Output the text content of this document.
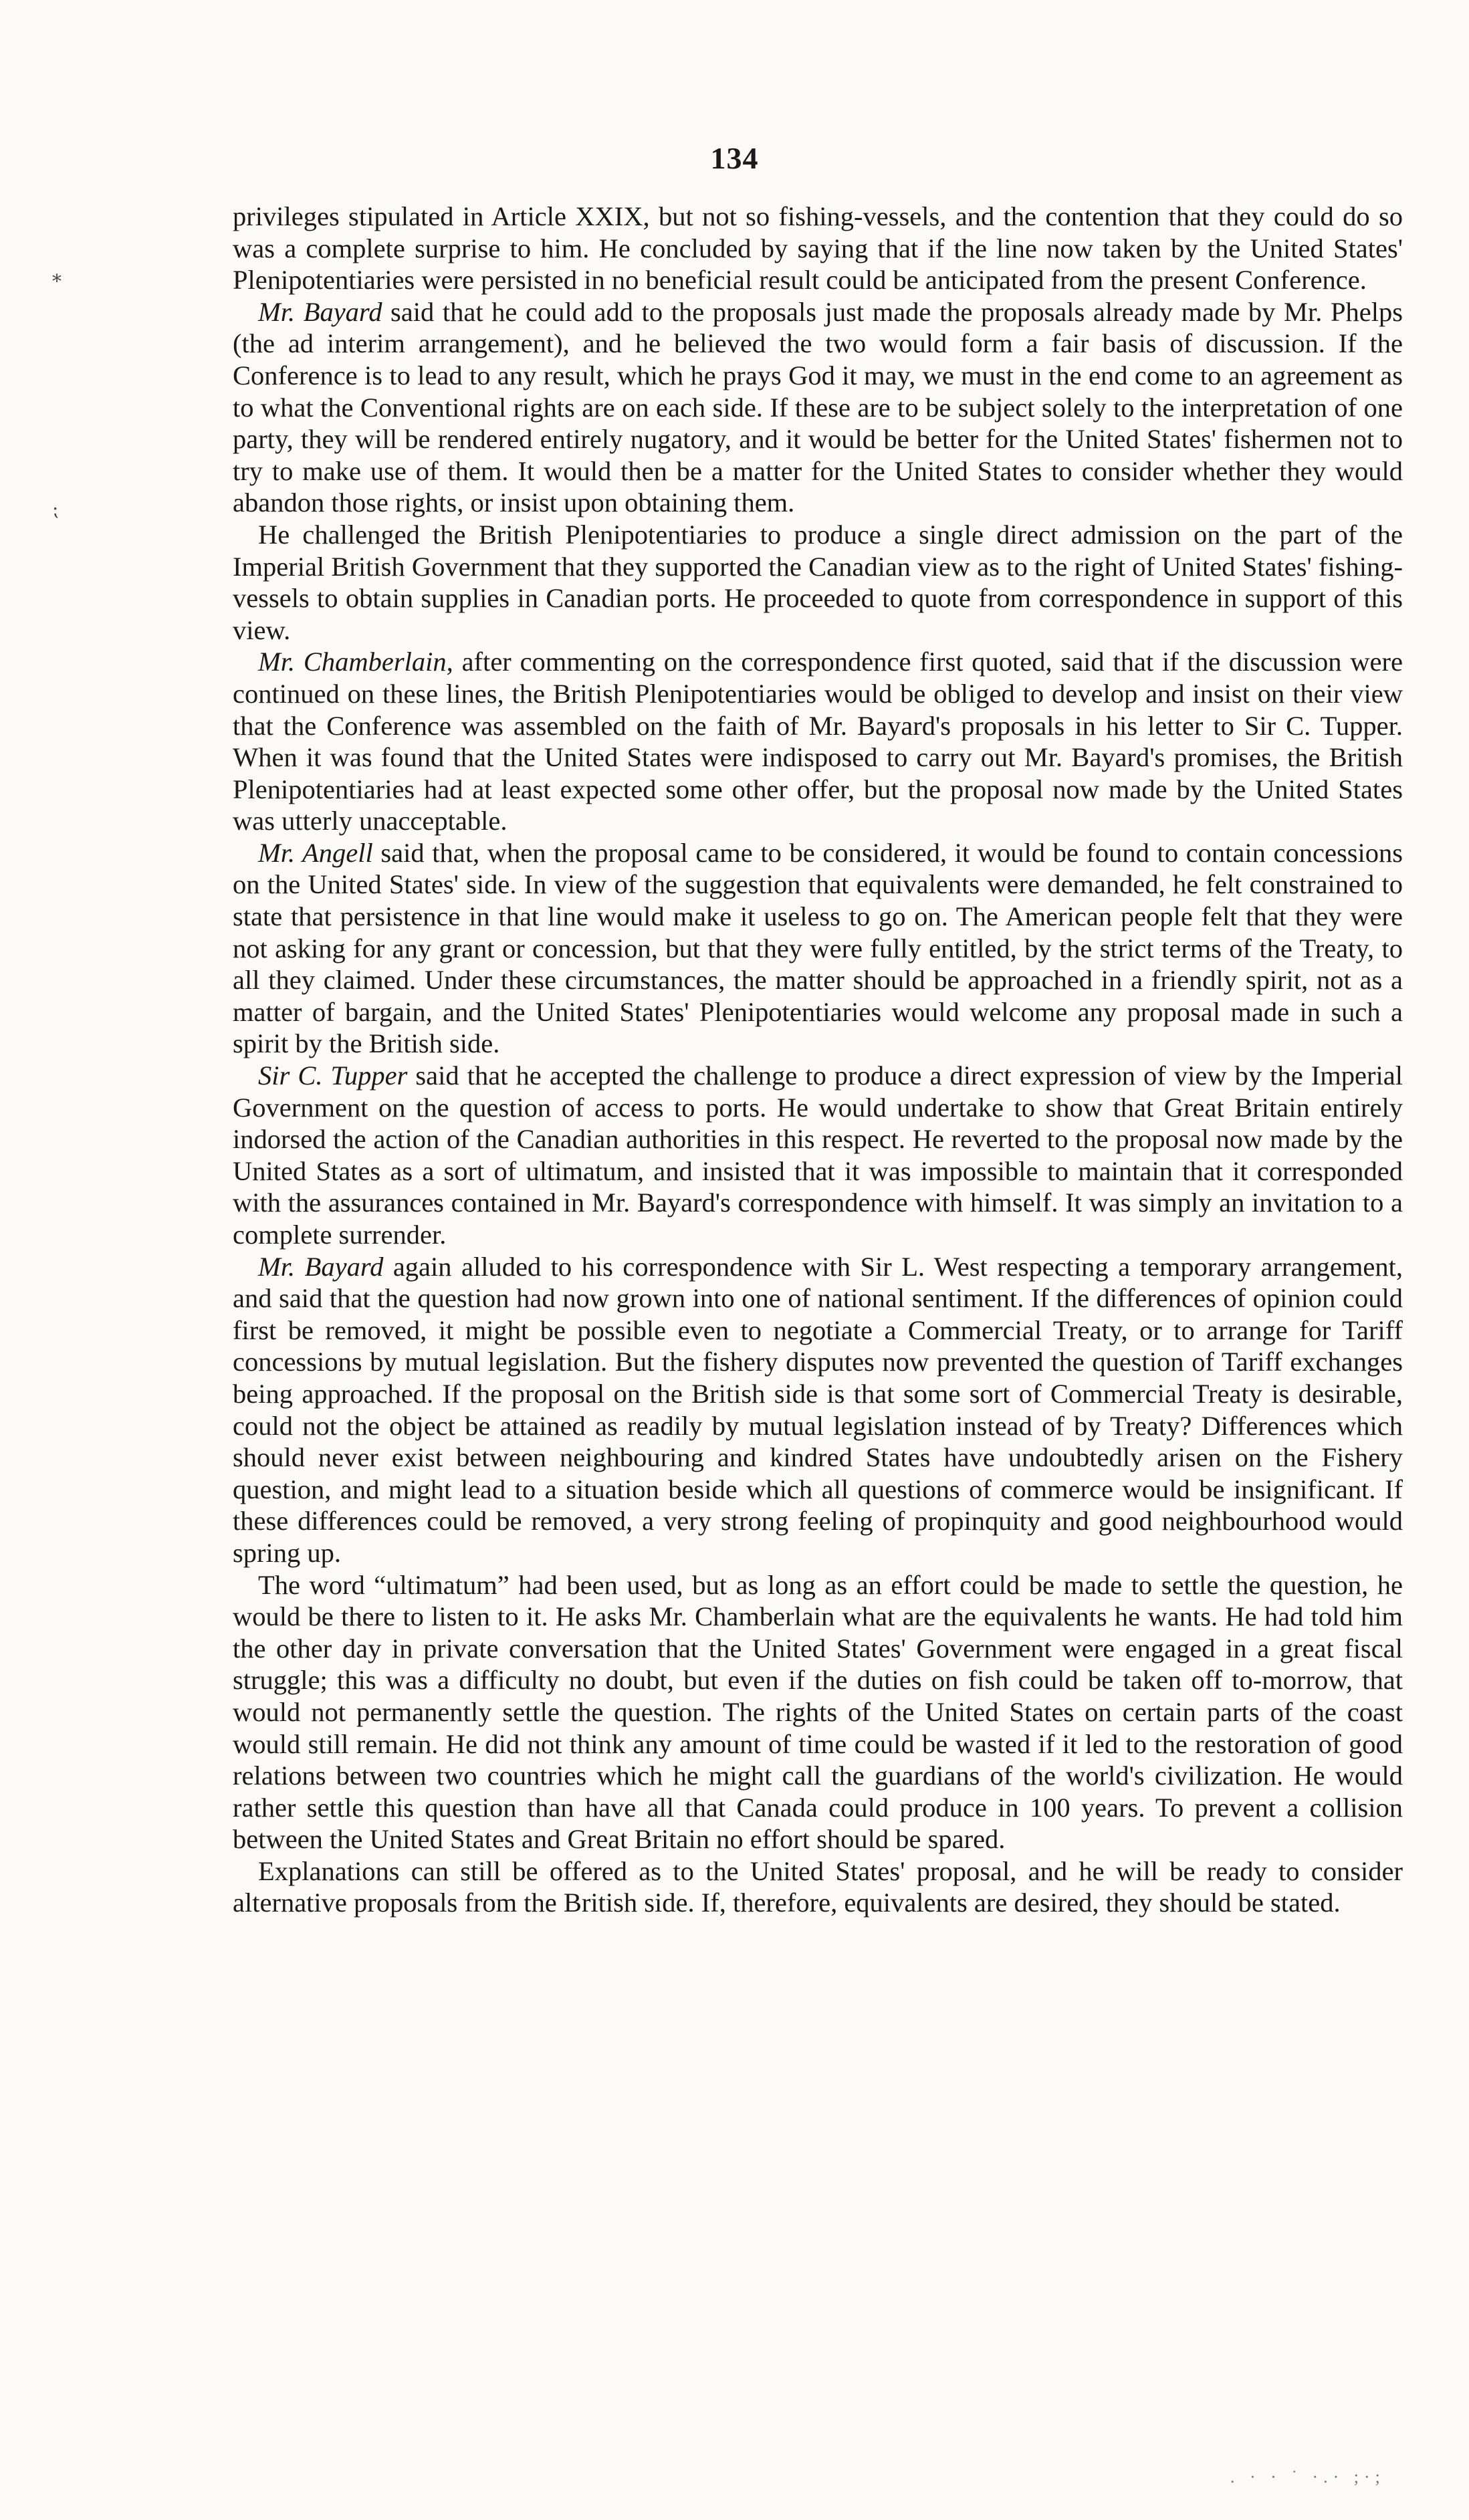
134
⁎
⁏

privileges stipulated in Article XXIX, but not so fishing-vessels, and the contention that they could do so was a complete surprise to him. He concluded by saying that if the line now taken by the United States' Plenipotentiaries were persisted in no beneficial result could be anticipated from the present Conference.

Mr. Bayard said that he could add to the proposals just made the proposals already made by Mr. Phelps (the ad interim arrangement), and he believed the two would form a fair basis of discussion. If the Conference is to lead to any result, which he prays God it may, we must in the end come to an agreement as to what the Conventional rights are on each side. If these are to be subject solely to the interpretation of one party, they will be rendered entirely nugatory, and it would be better for the United States' fishermen not to try to make use of them. It would then be a matter for the United States to consider whether they would abandon those rights, or insist upon obtaining them.

He challenged the British Plenipotentiaries to produce a single direct admission on the part of the Imperial British Government that they supported the Canadian view as to the right of United States' fishing-vessels to obtain supplies in Canadian ports. He proceeded to quote from correspondence in support of this view.

Mr. Chamberlain, after commenting on the correspondence first quoted, said that if the discussion were continued on these lines, the British Plenipotentiaries would be obliged to develop and insist on their view that the Conference was assembled on the faith of Mr. Bayard's proposals in his letter to Sir C. Tupper. When it was found that the United States were indisposed to carry out Mr. Bayard's promises, the British Plenipotentiaries had at least expected some other offer, but the proposal now made by the United States was utterly unacceptable.

Mr. Angell said that, when the proposal came to be considered, it would be found to contain concessions on the United States' side. In view of the suggestion that equivalents were demanded, he felt constrained to state that persistence in that line would make it useless to go on. The American people felt that they were not asking for any grant or concession, but that they were fully entitled, by the strict terms of the Treaty, to all they claimed. Under these circumstances, the matter should be approached in a friendly spirit, not as a matter of bargain, and the United States' Plenipotentiaries would welcome any proposal made in such a spirit by the British side.

Sir C. Tupper said that he accepted the challenge to produce a direct expression of view by the Imperial Government on the question of access to ports. He would undertake to show that Great Britain entirely indorsed the action of the Canadian authorities in this respect. He reverted to the proposal now made by the United States as a sort of ultimatum, and insisted that it was impossible to maintain that it corresponded with the assurances contained in Mr. Bayard's correspondence with himself. It was simply an invitation to a complete surrender.

Mr. Bayard again alluded to his correspondence with Sir L. West respecting a temporary arrangement, and said that the question had now grown into one of national sentiment. If the differences of opinion could first be removed, it might be possible even to negotiate a Commercial Treaty, or to arrange for Tariff concessions by mutual legislation. But the fishery disputes now prevented the question of Tariff exchanges being approached. If the proposal on the British side is that some sort of Commercial Treaty is desirable, could not the object be attained as readily by mutual legislation instead of by Treaty? Differences which should never exist between neighbouring and kindred States have undoubtedly arisen on the Fishery question, and might lead to a situation beside which all questions of commerce would be insignificant. If these differences could be removed, a very strong feeling of propinquity and good neighbourhood would spring up.

The word “ultimatum” had been used, but as long as an effort could be made to settle the question, he would be there to listen to it. He asks Mr. Chamberlain what are the equivalents he wants. He had told him the other day in private conversation that the United States' Government were engaged in a great fiscal struggle; this was a difficulty no doubt, but even if the duties on fish could be taken off to-morrow, that would not permanently settle the question. The rights of the United States on certain parts of the coast would still remain. He did not think any amount of time could be wasted if it led to the restoration of good relations between two countries which he might call the guardians of the world's civilization. He would rather settle this question than have all that Canada could produce in 100 years. To prevent a collision between the United States and Great Britain no effort should be spared.

Explanations can still be offered as to the United States' proposal, and he will be ready to consider alternative proposals from the British side. If, therefore, equivalents are desired, they should be stated.

. · · ˙ ·.· ;·;
